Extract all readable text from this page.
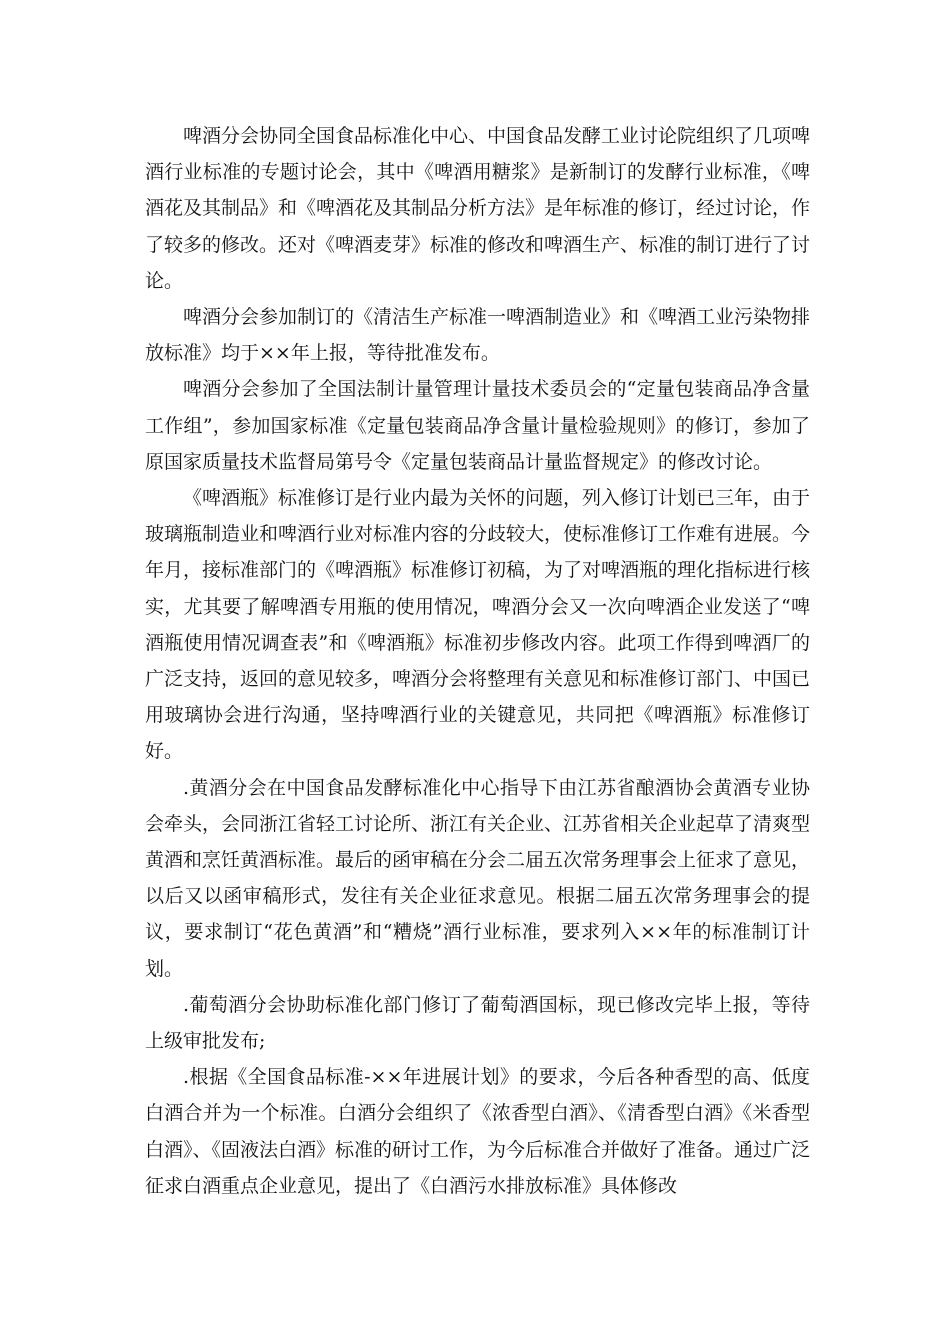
啤酒分会协同全国食品标准化中心、中国食品发酵工业讨论院组织了几项啤酒行业标准的专题讨论会，其中《啤酒用糖浆》是新制订的发酵行业标准，《啤酒花及其制品》和《啤酒花及其制品分析方法》是年标准的修订，经过讨论，作了较多的修改。还对《啤酒麦芽》标准的修改和啤酒生产、标准的制订进行了讨论。

啤酒分会参加制订的《清洁生产标准一啤酒制造业》和《啤酒工业污染物排放标准》均于××年上报，等待批准发布。

啤酒分会参加了全国法制计量管理计量技术委员会的“定量包装商品净含量工作组”，参加国家标准《定量包装商品净含量计量检验规则》的修订，参加了原国家质量技术监督局第号令《定量包装商品计量监督规定》的修改讨论。

《啤酒瓶》标准修订是行业内最为关怀的问题，列入修订计划已三年，由于玻璃瓶制造业和啤酒行业对标准内容的分歧较大，使标准修订工作难有进展。今年月，接标准部门的《啤酒瓶》标准修订初稿，为了对啤酒瓶的理化指标进行核实，尤其要了解啤酒专用瓶的使用情况，啤酒分会又一次向啤酒企业发送了“啤酒瓶使用情况调查表”和《啤酒瓶》标准初步修改内容。此项工作得到啤酒厂的广泛支持，返回的意见较多，啤酒分会将整理有关意见和标准修订部门、中国已用玻璃协会进行沟通，坚持啤酒行业的关键意见，共同把《啤酒瓶》标准修订好。

.黄酒分会在中国食品发酵标准化中心指导下由江苏省酿酒协会黄酒专业协会牵头，会同浙江省轻工讨论所、浙江有关企业、江苏省相关企业起草了清爽型黄酒和烹饪黄酒标准。最后的函审稿在分会二届五次常务理事会上征求了意见，以后又以函审稿形式，发往有关企业征求意见。根据二届五次常务理事会的提议，要求制订“花色黄酒”和“糟烧”酒行业标准，要求列入××年的标准制订计划。

.葡萄酒分会协助标准化部门修订了葡萄酒国标，现已修改完毕上报，等待上级审批发布;

.根据《全国食品标准-××年进展计划》的要求，今后各种香型的高、低度白酒合并为一个标准。白酒分会组织了《浓香型白酒》、《清香型白酒》《米香型白酒》、《固液法白酒》标准的研讨工作，为今后标准合并做好了准备。通过广泛征求白酒重点企业意见，提出了《白酒污水排放标准》具体修改
